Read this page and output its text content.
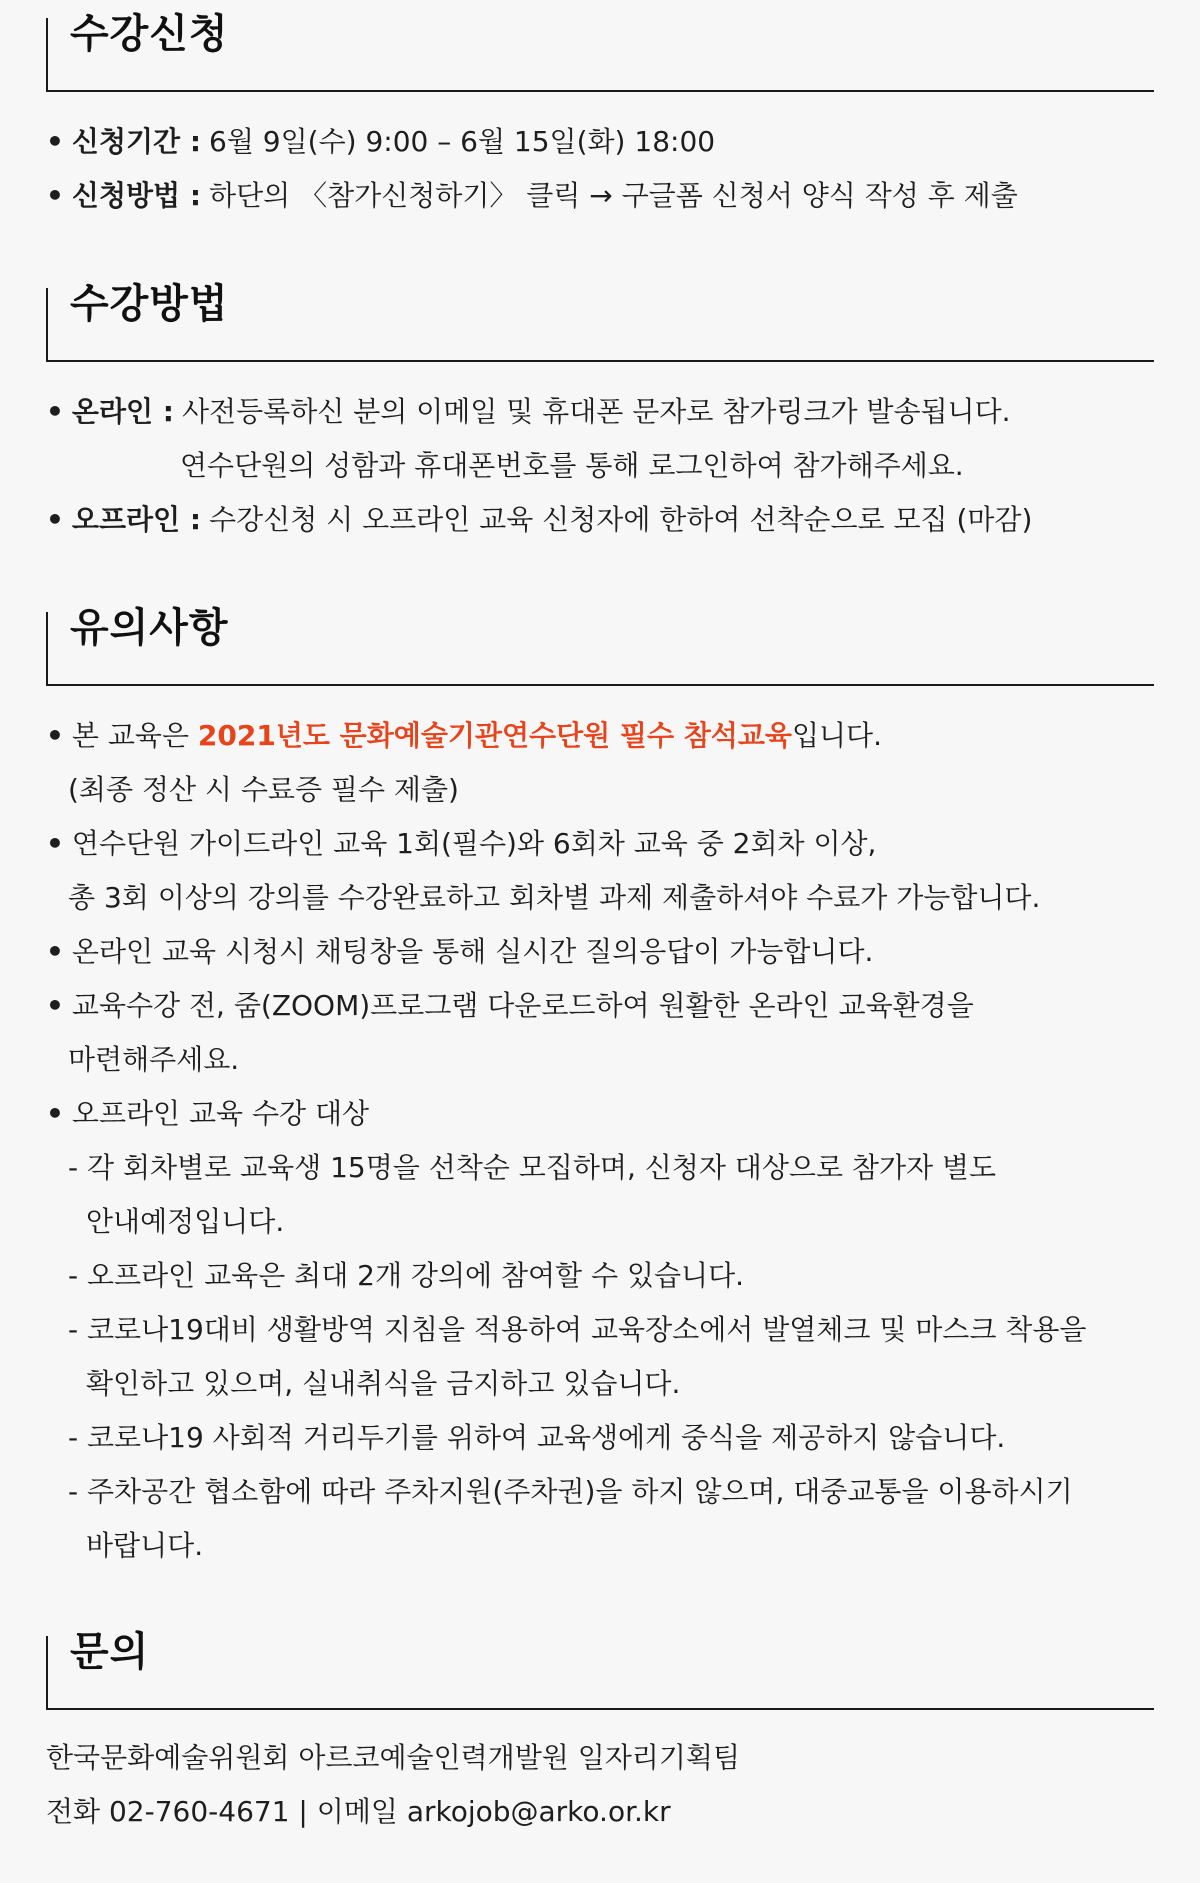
수강신청
• 신청기간 : 6월 9일(수) 9:00 – 6월 15일(화) 18:00
• 신청방법 : 하단의 〈참가신청하기〉 클릭 → 구글폼 신청서 양식 작성 후 제출
수강방법
• 온라인 : 사전등록하신 분의 이메일 및 휴대폰 문자로 참가링크가 발송됩니다.
연수단원의 성함과 휴대폰번호를 통해 로그인하여 참가해주세요.
• 오프라인 : 수강신청 시 오프라인 교육 신청자에 한하여 선착순으로 모집 (마감)
유의사항
• 본 교육은 2021년도 문화예술기관연수단원 필수 참석교육입니다.
(최종 정산 시 수료증 필수 제출)
• 연수단원 가이드라인 교육 1회(필수)와 6회차 교육 중 2회차 이상,
총 3회 이상의 강의를 수강완료하고 회차별 과제 제출하셔야 수료가 가능합니다.
• 온라인 교육 시청시 채팅창을 통해 실시간 질의응답이 가능합니다.
• 교육수강 전, 줌(ZOOM)프로그램 다운로드하여 원활한 온라인 교육환경을
마련해주세요.
• 오프라인 교육 수강 대상
- 각 회차별로 교육생 15명을 선착순 모집하며, 신청자 대상으로 참가자 별도
안내예정입니다.
- 오프라인 교육은 최대 2개 강의에 참여할 수 있습니다.
- 코로나19대비 생활방역 지침을 적용하여 교육장소에서 발열체크 및 마스크 착용을
확인하고 있으며, 실내취식을 금지하고 있습니다.
- 코로나19 사회적 거리두기를 위하여 교육생에게 중식을 제공하지 않습니다.
- 주차공간 협소함에 따라 주차지원(주차권)을 하지 않으며, 대중교통을 이용하시기
바랍니다.
문의
한국문화예술위원회 아르코예술인력개발원 일자리기획팀
전화 02-760-4671 | 이메일 arkojob@arko.or.kr
